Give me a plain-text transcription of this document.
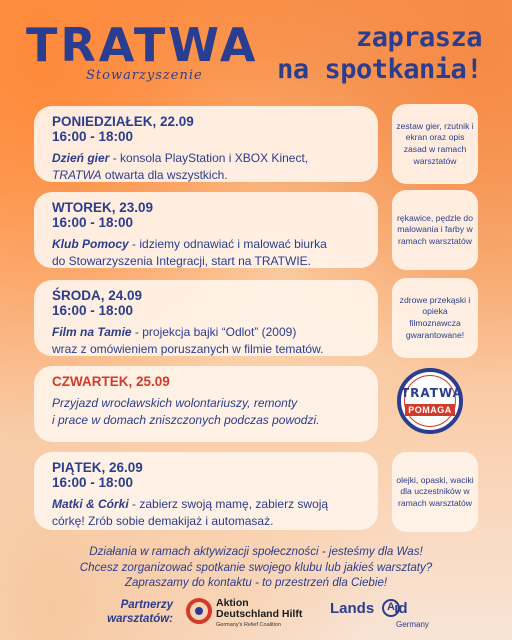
TRATWA
Stowarzyszenie
zaprasza
na spotkania!
PONIEDZIAŁEK, 22.09
16:00 - 18:00
Dzień gier - konsola PlayStation i XBOX Kinect,
TRATWA otwarta dla wszystkich.
zestaw gier, rzutnik i ekran oraz opis zasad w ramach warsztatów
WTOREK, 23.09
16:00 - 18:00
Klub Pomocy - idziemy odnawiać i malować biurka
do Stowarzyszenia Integracji, start na TRATWIE.
rękawice, pędzle do malowania i farby w ramach warsztatów
ŚRODA, 24.09
16:00 - 18:00
Film na Tamie - projekcja bajki “Odlot” (2009)
wraz z omówieniem poruszanych w filmie tematów.
zdrowe przekąski i opieka filmoznawcza gwarantowane!
CZWARTEK, 25.09
Przyjazd wrocławskich wolontariuszy, remonty
i prace w domach zniszczonych podczas powodzi.
TRATWA
POMAGA
PIĄTEK, 26.09
16:00 - 18:00
Matki & Córki - zabierz swoją mamę, zabierz swoją
córkę! Zrób sobie demakijaż i automasaż.
olejki, opaski, waciki dla uczestników w ramach warsztatów
Działania w ramach aktywizacji społeczności - jesteśmy dla Was!
Chcesz zorganizować spotkanie swojego klubu lub jakieś warsztaty?
Zapraszamy do kontaktu - to przestrzeń dla Ciebie!
Partnerzy
warsztatów:
Aktion
Deutschland Hilft
Germany's Relief Coalition
Lands id
A
Germany
